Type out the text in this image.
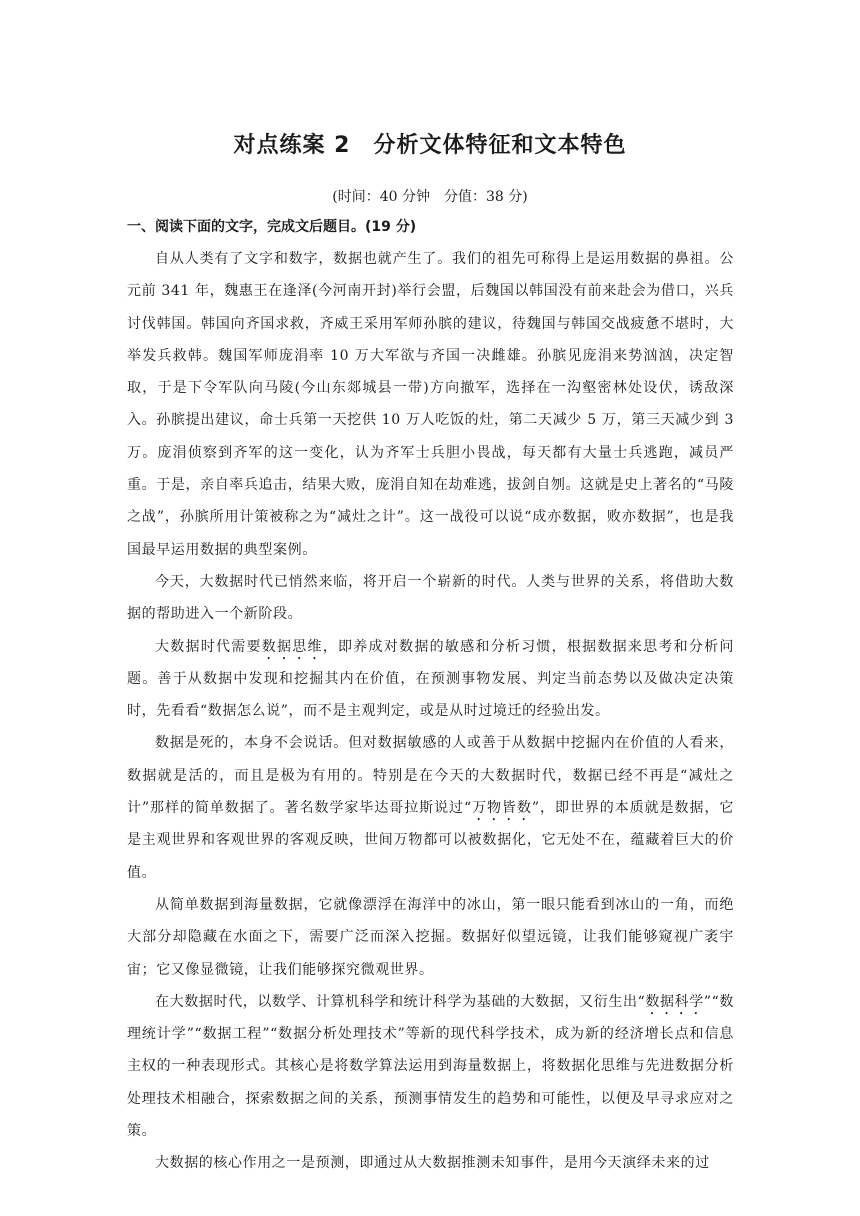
对点练案 2　分析文体特征和文本特色

(时间：40 分钟　分值：38 分)

一、阅读下面的文字，完成文后题目。(19 分)

自从人类有了文字和数字，数据也就产生了。我们的祖先可称得上是运用数据的鼻祖。公元前 341 年，魏惠王在逢泽(今河南开封)举行会盟，后魏国以韩国没有前来赴会为借口，兴兵讨伐韩国。韩国向齐国求救，齐威王采用军师孙膑的建议，待魏国与韩国交战疲惫不堪时，大举发兵救韩。魏国军师庞涓率 10 万大军欲与齐国一决雌雄。孙膑见庞涓来势汹汹，决定智取，于是下令军队向马陵(今山东郯城县一带)方向撤军，选择在一沟壑密林处设伏，诱敌深入。孙膑提出建议，命士兵第一天挖供 10 万人吃饭的灶，第二天减少 5 万，第三天减少到 3 万。庞涓侦察到齐军的这一变化，认为齐军士兵胆小畏战，每天都有大量士兵逃跑，减员严重。于是，亲自率兵追击，结果大败，庞涓自知在劫难逃，拔剑自刎。这就是史上著名的“马陵之战”，孙膑所用计策被称之为“减灶之计”。这一战役可以说“成亦数据，败亦数据”，也是我国最早运用数据的典型案例。

今天，大数据时代已悄然来临，将开启一个崭新的时代。人类与世界的关系，将借助大数据的帮助进入一个新阶段。

大数据时代需要数据思维，即养成对数据的敏感和分析习惯，根据数据来思考和分析问题。善于从数据中发现和挖掘其内在价值，在预测事物发展、判定当前态势以及做决定决策时，先看看“数据怎么说”，而不是主观判定，或是从时过境迁的经验出发。

数据是死的，本身不会说话。但对数据敏感的人或善于从数据中挖掘内在价值的人看来，数据就是活的，而且是极为有用的。特别是在今天的大数据时代，数据已经不再是“减灶之计”那样的简单数据了。著名数学家毕达哥拉斯说过“万物皆数”，即世界的本质就是数据，它是主观世界和客观世界的客观反映，世间万物都可以被数据化，它无处不在，蕴藏着巨大的价值。

从简单数据到海量数据，它就像漂浮在海洋中的冰山，第一眼只能看到冰山的一角，而绝大部分却隐藏在水面之下，需要广泛而深入挖掘。数据好似望远镜，让我们能够窥视广袤宇宙；它又像显微镜，让我们能够探究微观世界。

在大数据时代，以数学、计算机科学和统计科学为基础的大数据，又衍生出“数据科学”“数理统计学”“数据工程”“数据分析处理技术”等新的现代科学技术，成为新的经济增长点和信息主权的一种表现形式。其核心是将数学算法运用到海量数据上，将数据化思维与先进数据分析处理技术相融合，探索数据之间的关系，预测事情发生的趋势和可能性，以便及早寻求应对之策。

大数据的核心作用之一是预测，即通过从大数据推测未知事件，是用今天演绎未来的过
